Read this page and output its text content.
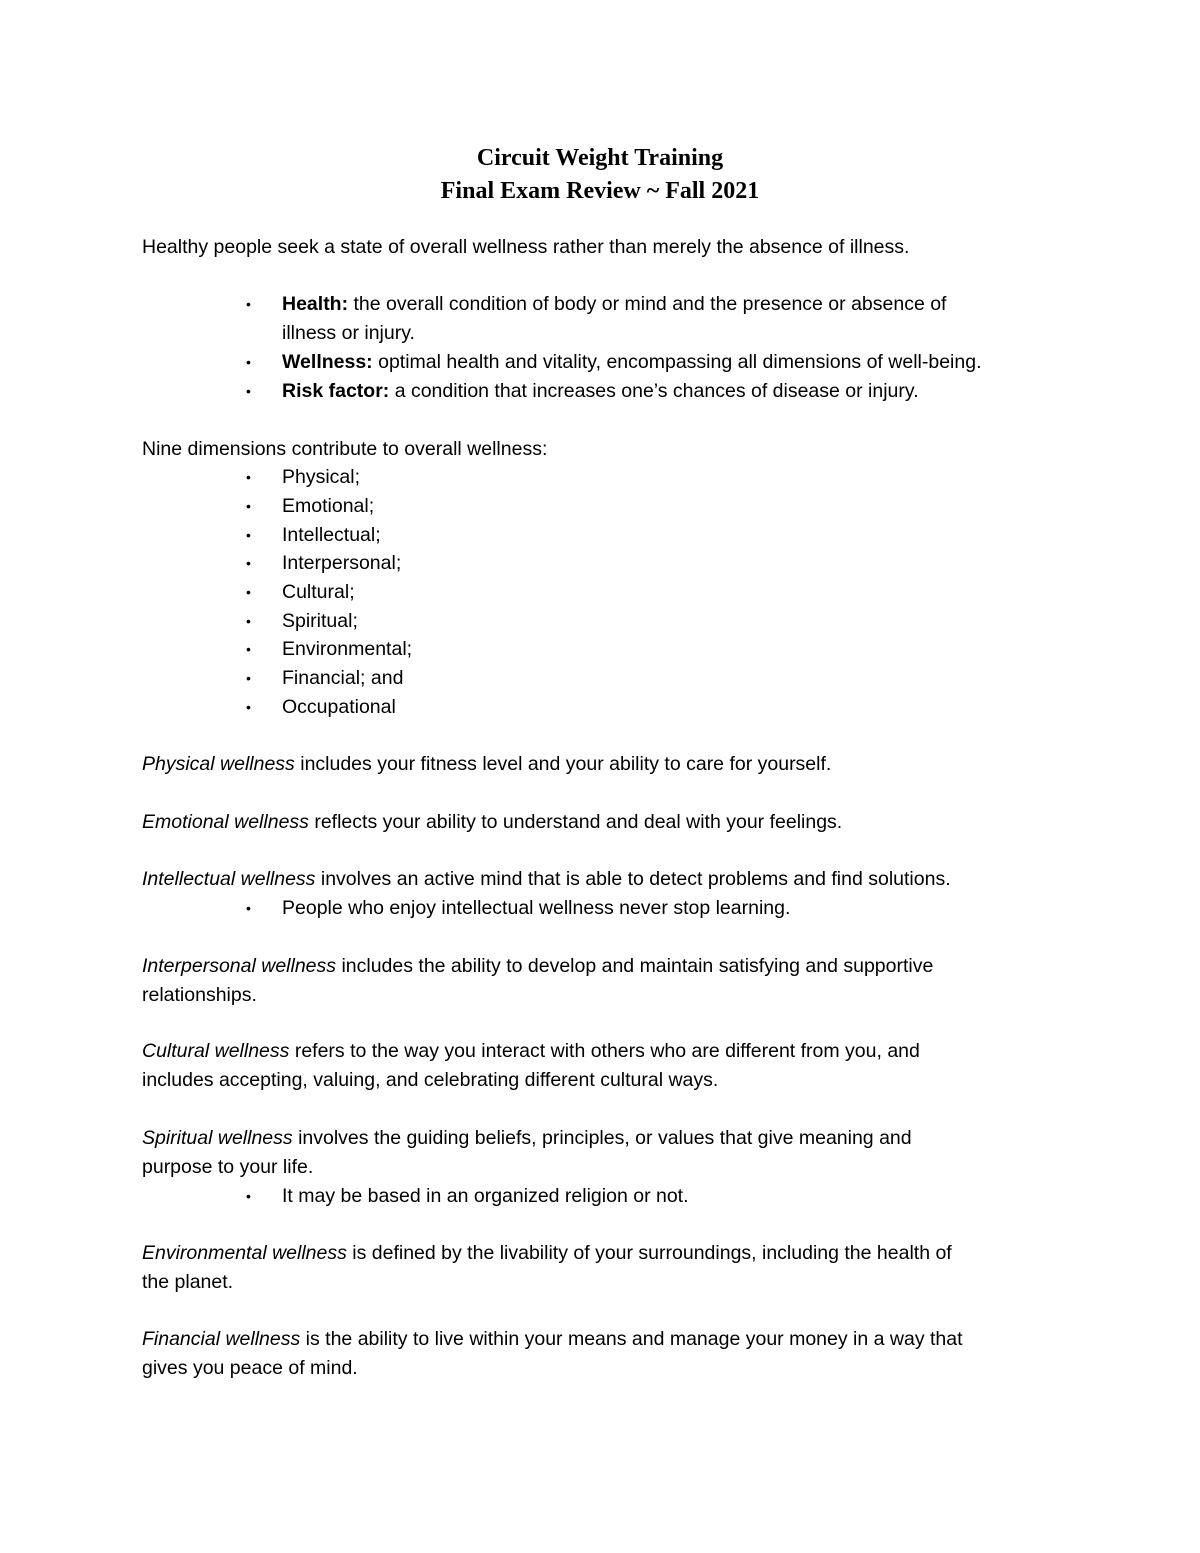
Circuit Weight Training
Final Exam Review ~ Fall 2021

Healthy people seek a state of overall wellness rather than merely the absence of illness.

• Health: the overall condition of body or mind and the presence or absence of
illness or injury.
• Wellness: optimal health and vitality, encompassing all dimensions of well-being.
• Risk factor: a condition that increases one’s chances of disease or injury.

Nine dimensions contribute to overall wellness:

• Physical;
• Emotional;
• Intellectual;
• Interpersonal;
• Cultural;
• Spiritual;
• Environmental;
• Financial; and
• Occupational

Physical wellness includes your fitness level and your ability to care for yourself.

Emotional wellness reflects your ability to understand and deal with your feelings.

Intellectual wellness involves an active mind that is able to detect problems and find solutions.

• People who enjoy intellectual wellness never stop learning.

Interpersonal wellness includes the ability to develop and maintain satisfying and supportive
relationships.

Cultural wellness refers to the way you interact with others who are different from you, and
includes accepting, valuing, and celebrating different cultural ways.

Spiritual wellness involves the guiding beliefs, principles, or values that give meaning and
purpose to your life.

• It may be based in an organized religion or not.

Environmental wellness is defined by the livability of your surroundings, including the health of
the planet.

Financial wellness is the ability to live within your means and manage your money in a way that
gives you peace of mind.
